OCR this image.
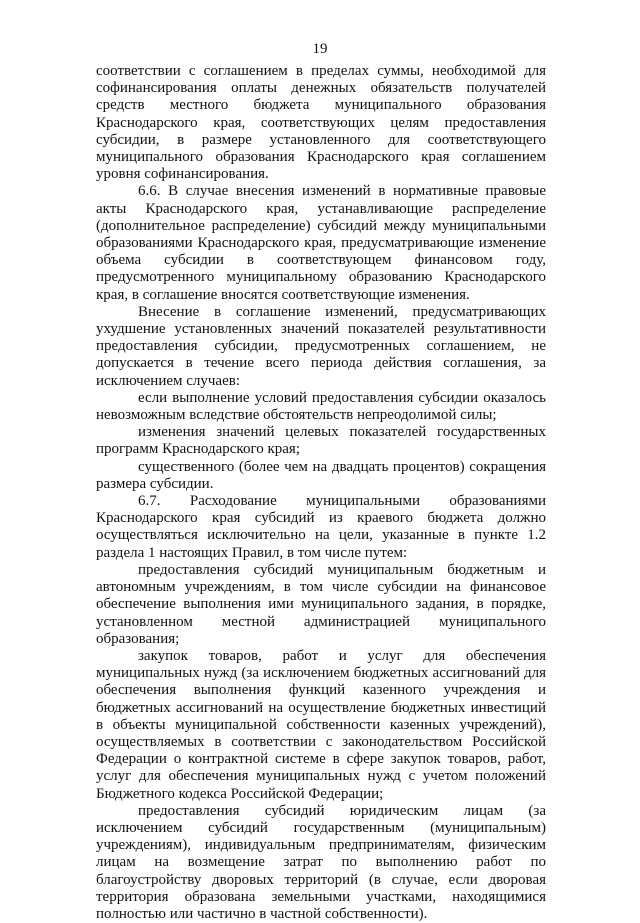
19

соответствии с соглашением в пределах суммы, необходимой для софинансирования оплаты денежных обязательств получателей средств местного бюджета муниципального образования Краснодарского края, соответствующих целям предоставления субсидии, в размере установленного для соответствующего муниципального образования Краснодарского края соглашением уровня софинансирования.

6.6. В случае внесения изменений в нормативные правовые акты Краснодарского края, устанавливающие распределение (дополнительное распределение) субсидий между муниципальными образованиями Краснодарского края, предусматривающие изменение объема субсидии в соответствующем финансовом году, предусмотренного муниципальному образованию Краснодарского края, в соглашение вносятся соответствующие изменения.

Внесение в соглашение изменений, предусматривающих ухудшение установленных значений показателей результативности предоставления субсидии, предусмотренных соглашением, не допускается в течение всего периода действия соглашения, за исключением случаев:

если выполнение условий предоставления субсидии оказалось невозможным вследствие обстоятельств непреодолимой силы;

изменения значений целевых показателей государственных программ Краснодарского края;

существенного (более чем на двадцать процентов) сокращения размера субсидии.

6.7. Расходование муниципальными образованиями Краснодарского края субсидий из краевого бюджета должно осуществляться исключительно на цели, указанные в пункте 1.2 раздела 1 настоящих Правил, в том числе путем:

предоставления субсидий муниципальным бюджетным и автономным учреждениям, в том числе субсидии на финансовое обеспечение выполнения ими муниципального задания, в порядке, установленном местной администрацией муниципального образования;

закупок товаров, работ и услуг для обеспечения муниципальных нужд (за исключением бюджетных ассигнований для обеспечения выполнения функций казенного учреждения и бюджетных ассигнований на осуществление бюджетных инвестиций в объекты муниципальной собственности казенных учреждений), осуществляемых в соответствии с законодательством Российской Федерации о контрактной системе в сфере закупок товаров, работ, услуг для обеспечения муниципальных нужд с учетом положений Бюджетного кодекса Российской Федерации;

предоставления субсидий юридическим лицам (за исключением субсидий государственным (муниципальным) учреждениям), индивидуальным предпринимателям, физическим лицам на возмещение затрат по выполнению работ по благоустройству дворовых территорий (в случае, если дворовая территория образована земельными участками, находящимися полностью или частично в частной собственности).
